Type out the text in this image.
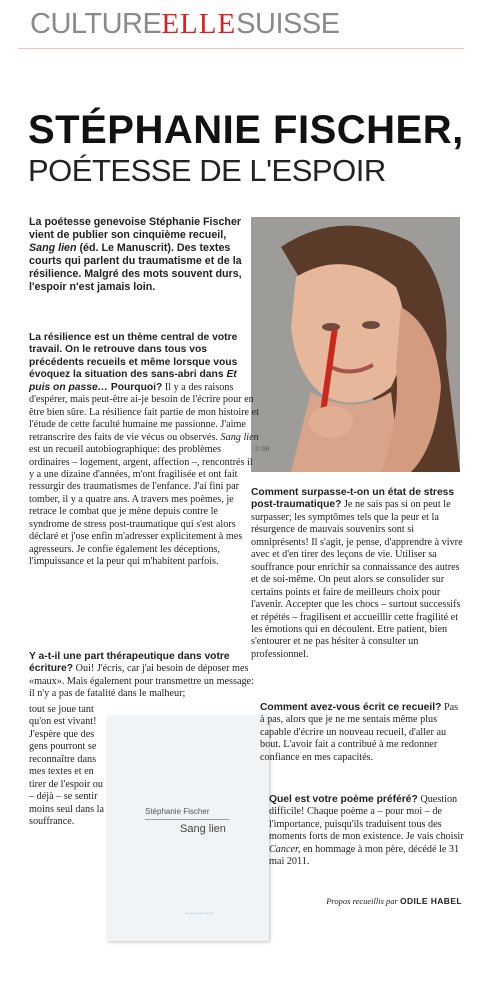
CULTUREELLESUISSE
STÉPHANIE FISCHER,
POÉTESSE DE L'ESPOIR
La poétesse genevoise Stéphanie Fischer vient de publier son cinquième recueil, Sang lien (éd. Le Manuscrit). Des textes courts qui parlent du traumatisme et de la résilience. Malgré des mots souvent durs, l'espoir n'est jamais loin.
© DR
La résilience est un thème central de votre travail. On le retrouve dans tous vos précédents recueils et même lorsque vous évoquez la situation des sans-abri dans Et puis on passe… Pourquoi? Il y a des raisons d'espérer, mais peut-être ai-je besoin de l'écrire pour en être bien sûre. La résilience fait partie de mon histoire et l'étude de cette faculté humaine me passionne. J'aime retranscrire des faits de vie vécus ou observés. Sang lien est un recueil autobiographique: des problèmes ordinaires – logement, argent, affection –, rencontrés il y a une dizaine d'années, m'ont fragilisée et ont fait ressurgir des traumatismes de l'enfance. J'ai fini par tomber, il y a quatre ans. A travers mes poèmes, je retrace le combat que je mène depuis contre le syndrome de stress post-traumatique qui s'est alors déclaré et j'ose enfin m'adresser explicitement à mes agresseurs. Je confie également les déceptions, l'impuissance et la peur qui m'habitent parfois.
Y a-t-il une part thérapeutique dans votre écriture? Oui! J'écris, car j'ai besoin de déposer mes «maux». Mais également pour transmettre un message: il n'y a pas de fatalité dans le malheur;
tout se joue tant qu'on est vivant! J'espère que des gens pourront se reconnaître dans mes textes et en tirer de l'espoir ou – déjà – se sentir moins seul dans la souffrance.
Stéphanie Fischer
Sang lien
~~~~~~
Comment surpasse-t-on un état de stress post-traumatique? Je ne sais pas si on peut le surpasser; les symptômes tels que la peur et la résurgence de mauvais souvenirs sont si omniprésents! Il s'agit, je pense, d'apprendre à vivre avec et d'en tirer des leçons de vie. Utiliser sa souffrance pour enrichir sa connaissance des autres et de soi-même. On peut alors se consolider sur certains points et faire de meilleurs choix pour l'avenir. Accepter que les chocs – surtout successifs et répétés – fragilisent et accueillir cette fragilité et les émotions qui en découlent. Etre patient, bien s'entourer et ne pas hésiter à consulter un professionnel.
Comment avez-vous écrit ce recueil? Pas à pas, alors que je ne me sentais même plus capable d'écrire un nouveau recueil, d'aller au bout. L'avoir fait a contribué à me redonner confiance en mes capacités.
Quel est votre poème préféré? Question difficile! Chaque poème a – pour moi – de l'importance, puisqu'ils traduisent tous des moments forts de mon existence. Je vais choisir Cancer, en hommage à mon père, décédé le 31 mai 2011.
Propos recueillis par ODILE HABEL
